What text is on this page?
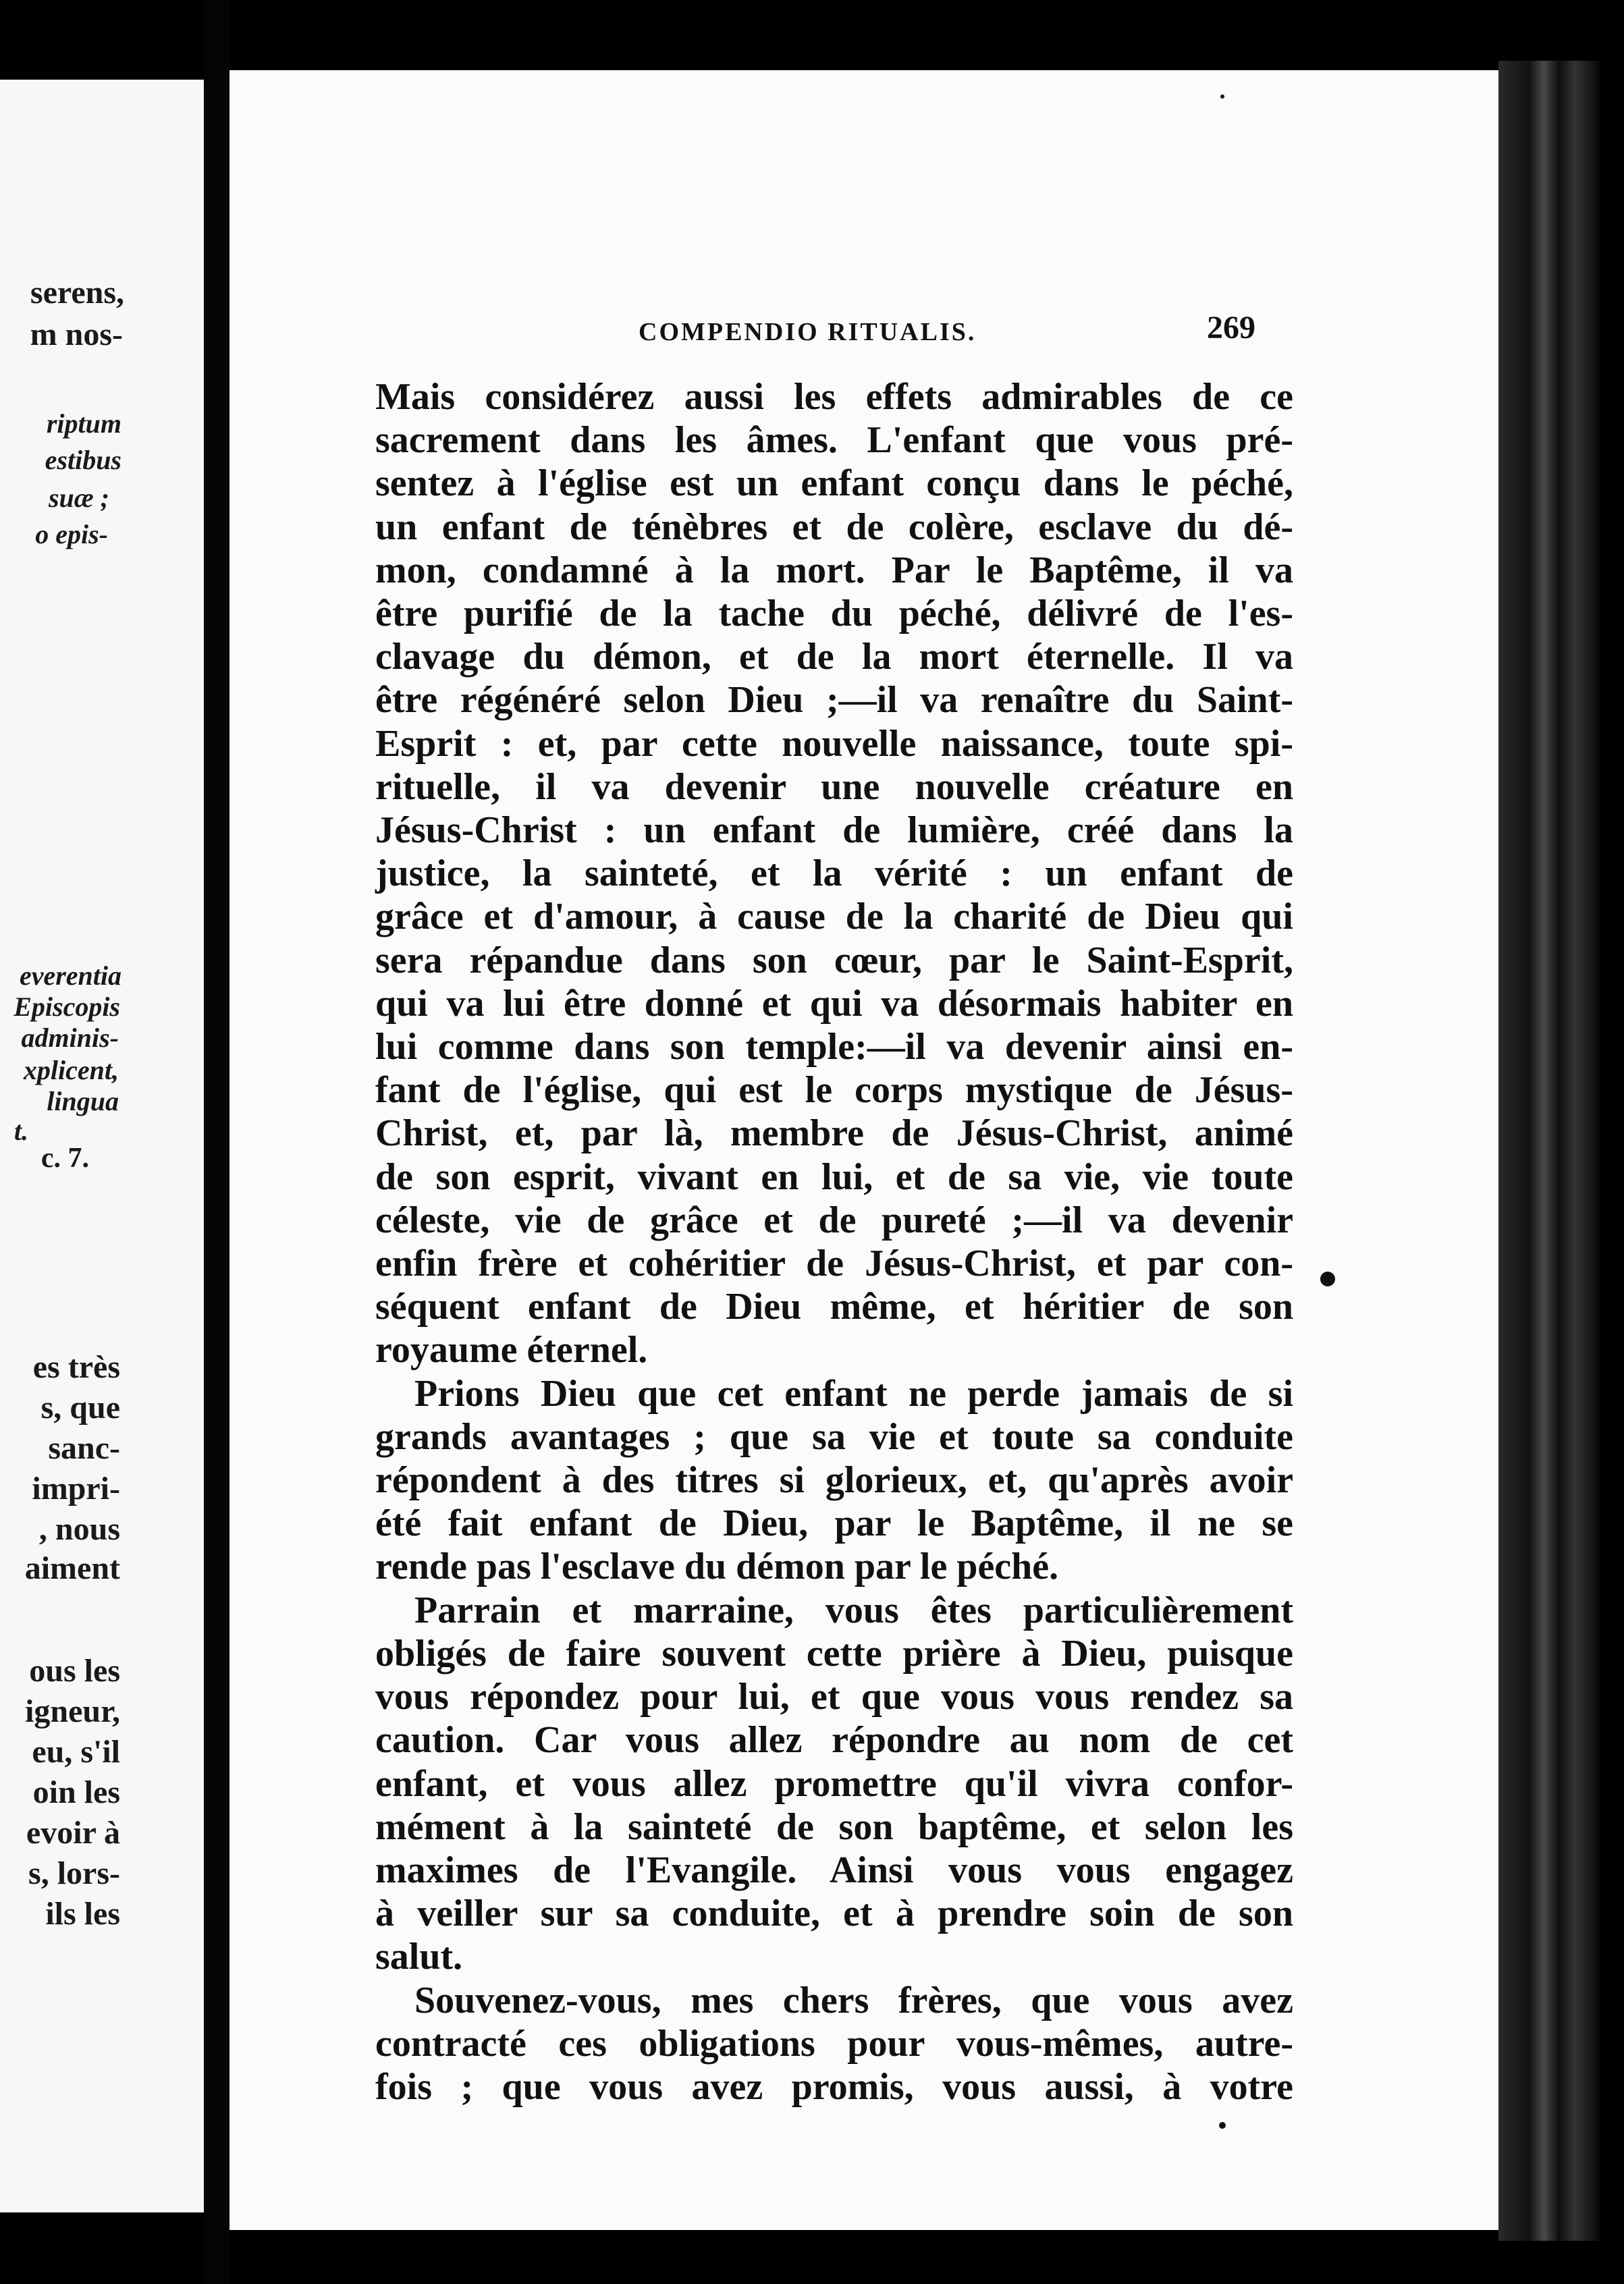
serens,
m nos-
riptum
estibus
suæ ;
o epis-
everentia
Episcopis
adminis-
xplicent,
lingua
t.
c. 7.
es très
s, que
sanc-
impri-
, nous
aiment
ous les
igneur,
eu, s'il
oin les
evoir à
s, lors-
ils les
COMPENDIO RITUALIS.	269

Mais considérez aussi les effets admirables de ce
sacrement dans les âmes. L'enfant que vous pré-
sentez à l'église est un enfant conçu dans le péché,
un enfant de ténèbres et de colère, esclave du dé-
mon, condamné à la mort. Par le Baptême, il va
être purifié de la tache du péché, délivré de l'es-
clavage du démon, et de la mort éternelle. Il va
être régénéré selon Dieu ;—il va renaître du Saint-
Esprit : et, par cette nouvelle naissance, toute spi-
rituelle, il va devenir une nouvelle créature en
Jésus-Christ : un enfant de lumière, créé dans la
justice, la sainteté, et la vérité : un enfant de
grâce et d'amour, à cause de la charité de Dieu qui
sera répandue dans son cœur, par le Saint-Esprit,
qui va lui être donné et qui va désormais habiter en
lui comme dans son temple:—il va devenir ainsi en-
fant de l'église, qui est le corps mystique de Jésus-
Christ, et, par là, membre de Jésus-Christ, animé
de son esprit, vivant en lui, et de sa vie, vie toute
céleste, vie de grâce et de pureté ;—il va devenir
enfin frère et cohéritier de Jésus-Christ, et par con-
séquent enfant de Dieu même, et héritier de son
royaume éternel.

Prions Dieu que cet enfant ne perde jamais de si
grands avantages ; que sa vie et toute sa conduite
répondent à des titres si glorieux, et, qu'après avoir
été fait enfant de Dieu, par le Baptême, il ne se
rende pas l'esclave du démon par le péché.

Parrain et marraine, vous êtes particulièrement
obligés de faire souvent cette prière à Dieu, puisque
vous répondez pour lui, et que vous vous rendez sa
caution. Car vous allez répondre au nom de cet
enfant, et vous allez promettre qu'il vivra confor-
mément à la sainteté de son baptême, et selon les
maximes de l'Evangile. Ainsi vous vous engagez
à veiller sur sa conduite, et à prendre soin de son
salut.

Souvenez-vous, mes chers frères, que vous avez
contracté ces obligations pour vous-mêmes, autre-
fois ; que vous avez promis, vous aussi, à votre
